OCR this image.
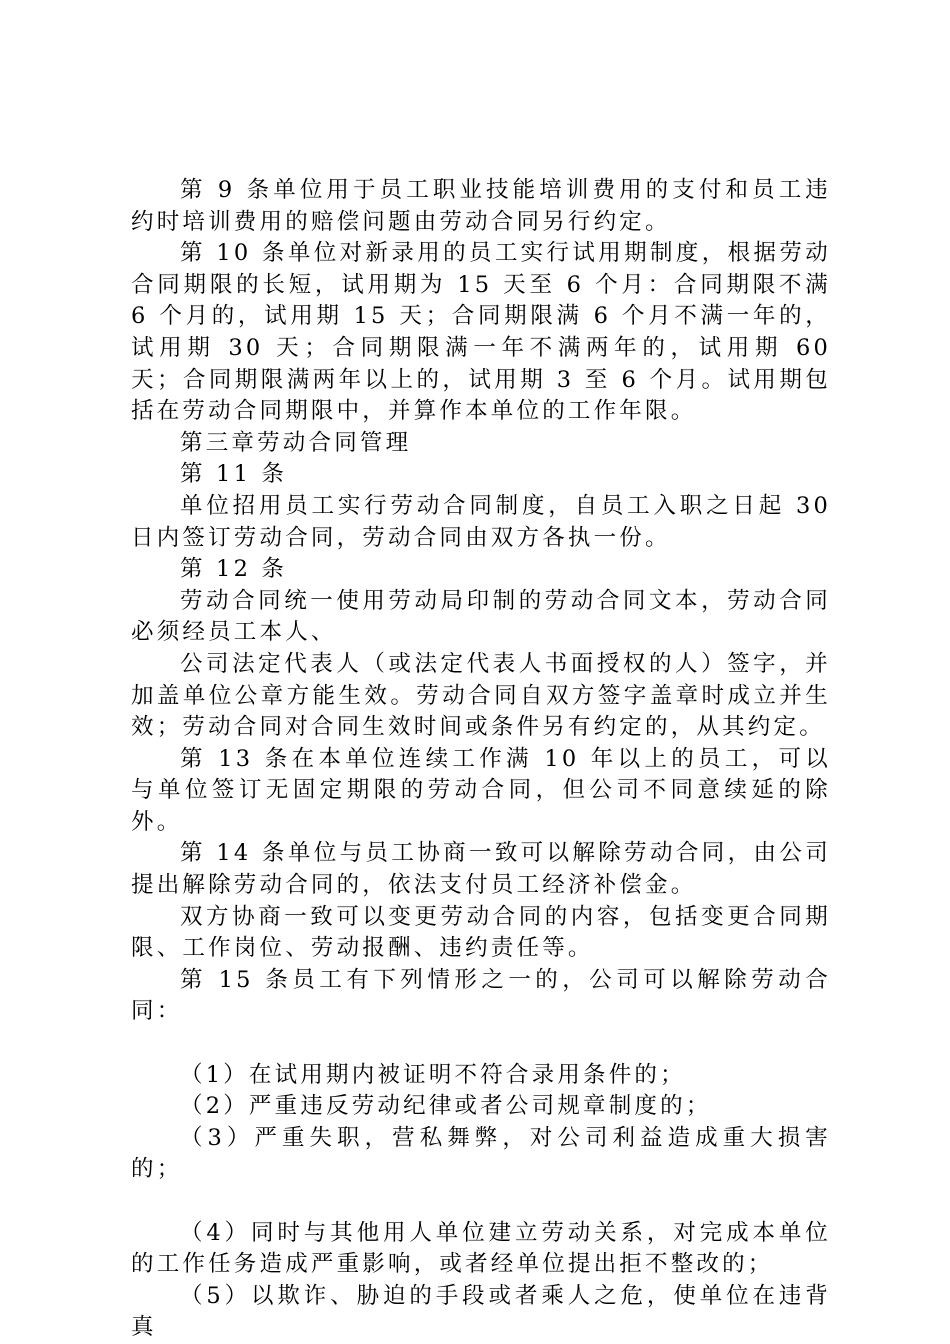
第 9 条单位用于员工职业技能培训费用的支付和员工违约时培训费用的赔偿问题由劳动合同另行约定。

第 10 条单位对新录用的员工实行试用期制度，根据劳动合同期限的长短，试用期为 15 天至 6 个月：合同期限不满 6 个月的，试用期 15 天；合同期限满 6 个月不满一年的，试用期 30 天；合同期限满一年不满两年的，试用期 60 天；合同期限满两年以上的，试用期 3 至 6 个月。试用期包括在劳动合同期限中，并算作本单位的工作年限。

第三章劳动合同管理

第 11 条

单位招用员工实行劳动合同制度，自员工入职之日起 30 日内签订劳动合同，劳动合同由双方各执一份。

第 12 条

劳动合同统一使用劳动局印制的劳动合同文本，劳动合同必须经员工本人、

公司法定代表人（或法定代表人书面授权的人）签字，并加盖单位公章方能生效。劳动合同自双方签字盖章时成立并生效；劳动合同对合同生效时间或条件另有约定的，从其约定。

第 13 条在本单位连续工作满 10 年以上的员工，可以与单位签订无固定期限的劳动合同，但公司不同意续延的除外。

第 14 条单位与员工协商一致可以解除劳动合同，由公司提出解除劳动合同的，依法支付员工经济补偿金。

双方协商一致可以变更劳动合同的内容，包括变更合同期限、工作岗位、劳动报酬、违约责任等。

第 15 条员工有下列情形之一的，公司可以解除劳动合同：

（1）在试用期内被证明不符合录用条件的；

（2）严重违反劳动纪律或者公司规章制度的；

（3）严重失职，营私舞弊，对公司利益造成重大损害的；

（4）同时与其他用人单位建立劳动关系，对完成本单位的工作任务造成严重影响，或者经单位提出拒不整改的；

（5）以欺诈、胁迫的手段或者乘人之危，使单位在违背真
